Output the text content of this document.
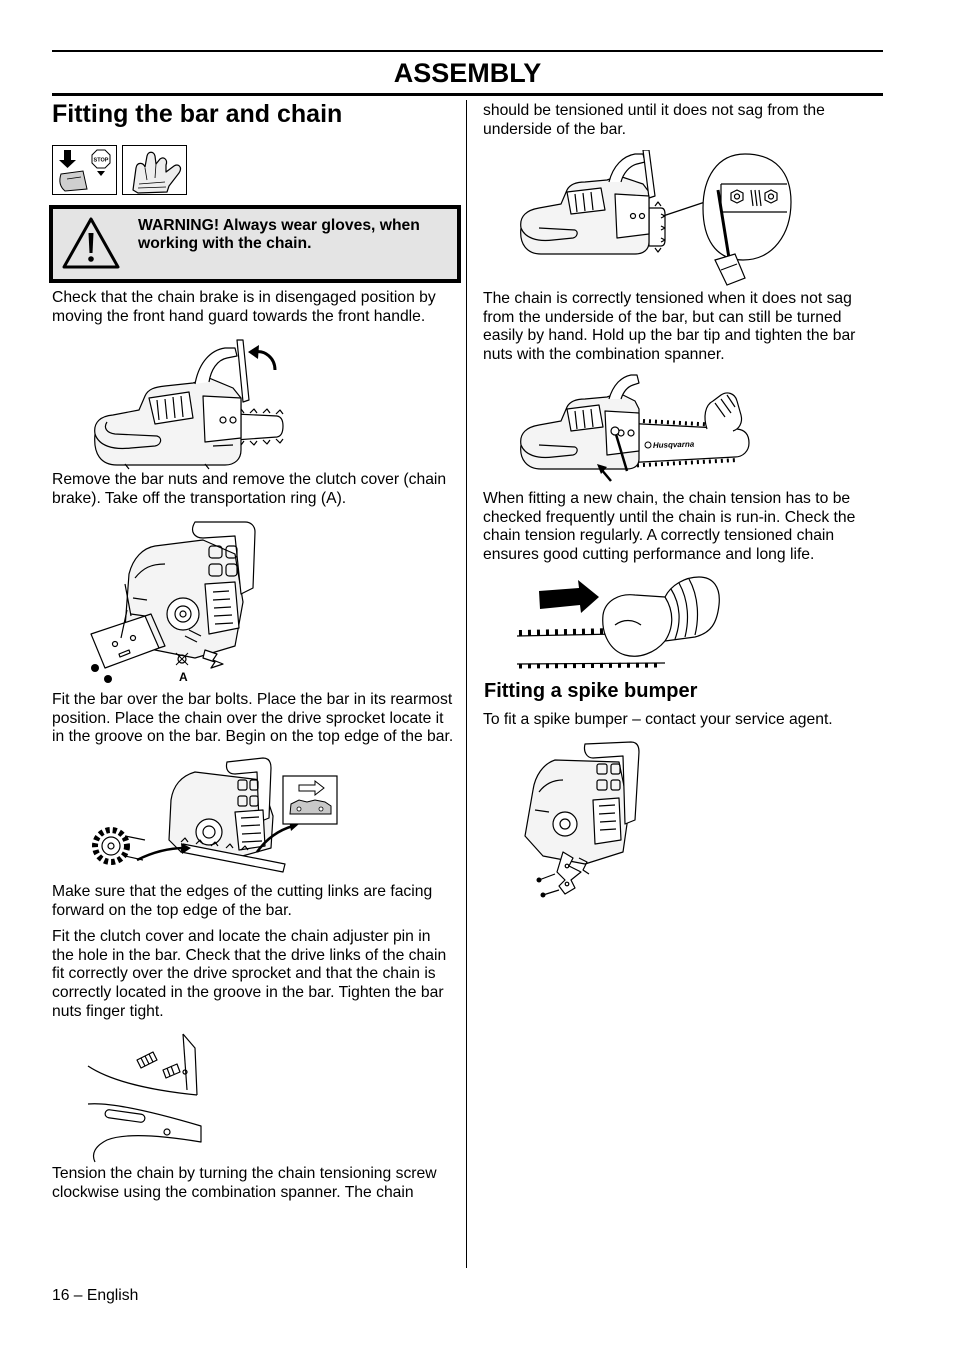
ASSEMBLY
Fitting the bar and chain
STOP

WARNING! Always wear gloves, when working with the chain.

Check that the chain brake is in disengaged position by moving the front hand guard towards the front handle.

Remove the bar nuts and remove the clutch cover (chain brake). Take off the transportation ring (A).

A

Fit the bar over the bar bolts. Place the bar in its rearmost position. Place the chain over the drive sprocket locate it in the groove on the bar. Begin on the top edge of the bar.

Make sure that the edges of the cutting links are facing forward on the top edge of the bar.

Fit the clutch cover and locate the chain adjuster pin in the hole in the bar. Check that the drive links of the chain fit correctly over the drive sprocket and that the chain is correctly located in the groove in the bar. Tighten the bar nuts finger tight.

Tension the chain by turning the chain tensioning screw clockwise using the combination spanner. The chain

should be tensioned until it does not sag from the underside of the bar.

The chain is correctly tensioned when it does not sag from the underside of the bar, but can still be turned easily by hand. Hold up the bar tip and tighten the bar nuts with the combination spanner.

Husqvarna

When fitting a new chain, the chain tension has to be checked frequently until the chain is run-in. Check the chain tension regularly. A correctly tensioned chain ensures good cutting performance and long life.

Fitting a spike bumper

To fit a spike bumper – contact your service agent.

16 – English
